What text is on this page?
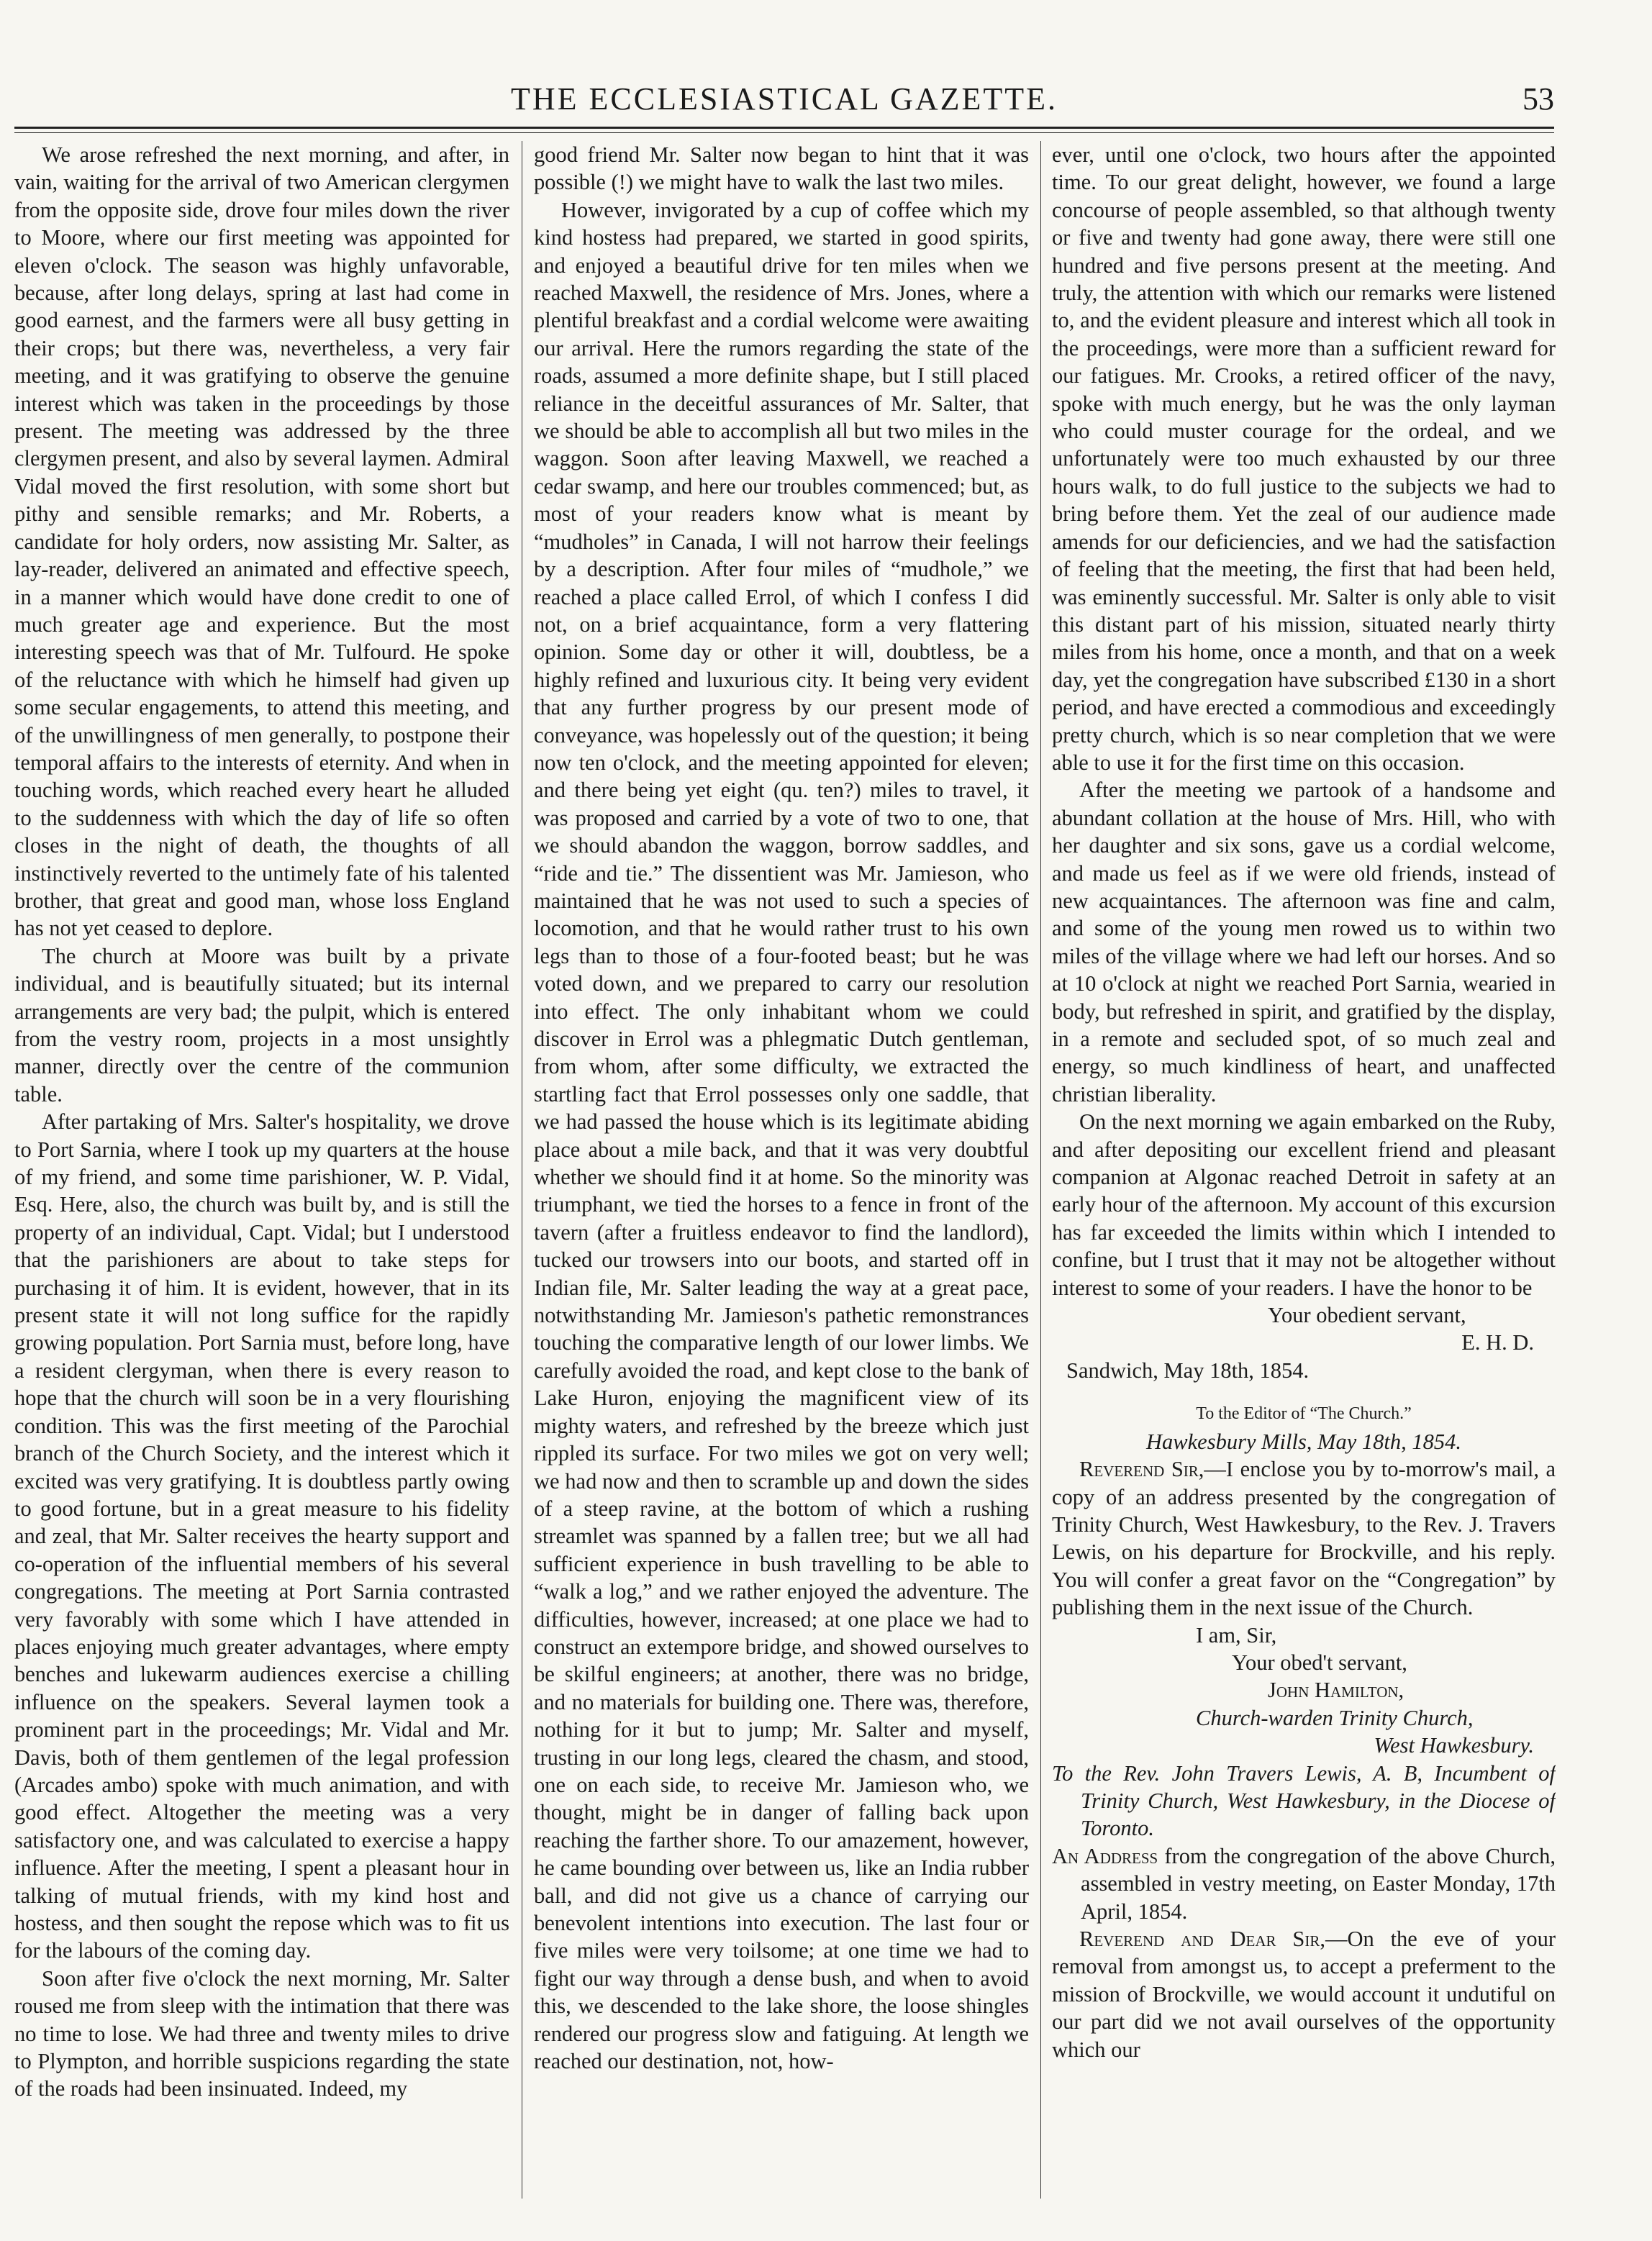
THE ECCLESIASTICAL GAZETTE.	53

We arose refreshed the next morning, and after, in vain, waiting for the arrival of two American clergymen from the opposite side, drove four miles down the river to Moore, where our first meeting was appointed for eleven o'clock. The season was highly unfavorable, because, after long delays, spring at last had come in good earnest, and the farmers were all busy getting in their crops; but there was, nevertheless, a very fair meeting, and it was gratifying to observe the genuine interest which was taken in the proceedings by those present. The meeting was addressed by the three clergymen present, and also by several laymen. Admiral Vidal moved the first resolution, with some short but pithy and sensible remarks; and Mr. Roberts, a candidate for holy orders, now assisting Mr. Salter, as lay-reader, delivered an animated and effective speech, in a manner which would have done credit to one of much greater age and experience. But the most interesting speech was that of Mr. Tulfourd. He spoke of the reluctance with which he himself had given up some secular engagements, to attend this meeting, and of the unwillingness of men generally, to postpone their temporal affairs to the interests of eternity. And when in touching words, which reached every heart he alluded to the suddenness with which the day of life so often closes in the night of death, the thoughts of all instinctively reverted to the untimely fate of his talented brother, that great and good man, whose loss England has not yet ceased to deplore.

The church at Moore was built by a private individual, and is beautifully situated; but its internal arrangements are very bad; the pulpit, which is entered from the vestry room, projects in a most unsightly manner, directly over the centre of the communion table.

After partaking of Mrs. Salter's hospitality, we drove to Port Sarnia, where I took up my quarters at the house of my friend, and some time parishioner, W. P. Vidal, Esq. Here, also, the church was built by, and is still the property of an individual, Capt. Vidal; but I understood that the parishioners are about to take steps for purchasing it of him. It is evident, however, that in its present state it will not long suffice for the rapidly growing population. Port Sarnia must, before long, have a resident clergyman, when there is every reason to hope that the church will soon be in a very flourishing condition. This was the first meeting of the Parochial branch of the Church Society, and the interest which it excited was very gratifying. It is doubtless partly owing to good fortune, but in a great measure to his fidelity and zeal, that Mr. Salter receives the hearty support and co-operation of the influential members of his several congregations. The meeting at Port Sarnia contrasted very favorably with some which I have attended in places enjoying much greater advantages, where empty benches and lukewarm audiences exercise a chilling influence on the speakers. Several laymen took a prominent part in the proceedings; Mr. Vidal and Mr. Davis, both of them gentlemen of the legal profession (Arcades ambo) spoke with much animation, and with good effect. Altogether the meeting was a very satisfactory one, and was calculated to exercise a happy influence. After the meeting, I spent a pleasant hour in talking of mutual friends, with my kind host and hostess, and then sought the repose which was to fit us for the labours of the coming day.

Soon after five o'clock the next morning, Mr. Salter roused me from sleep with the intimation that there was no time to lose. We had three and twenty miles to drive to Plympton, and horrible suspicions regarding the state of the roads had been insinuated. Indeed, my

good friend Mr. Salter now began to hint that it was possible (!) we might have to walk the last two miles.

However, invigorated by a cup of coffee which my kind hostess had prepared, we started in good spirits, and enjoyed a beautiful drive for ten miles when we reached Maxwell, the residence of Mrs. Jones, where a plentiful breakfast and a cordial welcome were awaiting our arrival. Here the rumors regarding the state of the roads, assumed a more definite shape, but I still placed reliance in the deceitful assurances of Mr. Salter, that we should be able to accomplish all but two miles in the waggon. Soon after leaving Maxwell, we reached a cedar swamp, and here our troubles commenced; but, as most of your readers know what is meant by “mudholes” in Canada, I will not harrow their feelings by a description. After four miles of “mudhole,” we reached a place called Errol, of which I confess I did not, on a brief acquaintance, form a very flattering opinion. Some day or other it will, doubtless, be a highly refined and luxurious city. It being very evident that any further progress by our present mode of conveyance, was hopelessly out of the question; it being now ten o'clock, and the meeting appointed for eleven; and there being yet eight (qu. ten?) miles to travel, it was proposed and carried by a vote of two to one, that we should abandon the waggon, borrow saddles, and “ride and tie.” The dissentient was Mr. Jamieson, who maintained that he was not used to such a species of locomotion, and that he would rather trust to his own legs than to those of a four-footed beast; but he was voted down, and we prepared to carry our resolution into effect. The only inhabitant whom we could discover in Errol was a phlegmatic Dutch gentleman, from whom, after some difficulty, we extracted the startling fact that Errol possesses only one saddle, that we had passed the house which is its legitimate abiding place about a mile back, and that it was very doubtful whether we should find it at home. So the minority was triumphant, we tied the horses to a fence in front of the tavern (after a fruitless endeavor to find the landlord), tucked our trowsers into our boots, and started off in Indian file, Mr. Salter leading the way at a great pace, notwithstanding Mr. Jamieson's pathetic remonstrances touching the comparative length of our lower limbs. We carefully avoided the road, and kept close to the bank of Lake Huron, enjoying the magnificent view of its mighty waters, and refreshed by the breeze which just rippled its surface. For two miles we got on very well; we had now and then to scramble up and down the sides of a steep ravine, at the bottom of which a rushing streamlet was spanned by a fallen tree; but we all had sufficient experience in bush travelling to be able to “walk a log,” and we rather enjoyed the adventure. The difficulties, however, increased; at one place we had to construct an extempore bridge, and showed ourselves to be skilful engineers; at another, there was no bridge, and no materials for building one. There was, therefore, nothing for it but to jump; Mr. Salter and myself, trusting in our long legs, cleared the chasm, and stood, one on each side, to receive Mr. Jamieson who, we thought, might be in danger of falling back upon reaching the farther shore. To our amazement, however, he came bounding over between us, like an India rubber ball, and did not give us a chance of carrying our benevolent intentions into execution. The last four or five miles were very toilsome; at one time we had to fight our way through a dense bush, and when to avoid this, we descended to the lake shore, the loose shingles rendered our progress slow and fatiguing. At length we reached our destination, not, how-

ever, until one o'clock, two hours after the appointed time. To our great delight, however, we found a large concourse of people assembled, so that although twenty or five and twenty had gone away, there were still one hundred and five persons present at the meeting. And truly, the attention with which our remarks were listened to, and the evident pleasure and interest which all took in the proceedings, were more than a sufficient reward for our fatigues. Mr. Crooks, a retired officer of the navy, spoke with much energy, but he was the only layman who could muster courage for the ordeal, and we unfortunately were too much exhausted by our three hours walk, to do full justice to the subjects we had to bring before them. Yet the zeal of our audience made amends for our deficiencies, and we had the satisfaction of feeling that the meeting, the first that had been held, was eminently successful. Mr. Salter is only able to visit this distant part of his mission, situated nearly thirty miles from his home, once a month, and that on a week day, yet the congregation have subscribed £130 in a short period, and have erected a commodious and exceedingly pretty church, which is so near completion that we were able to use it for the first time on this occasion.

After the meeting we partook of a handsome and abundant collation at the house of Mrs. Hill, who with her daughter and six sons, gave us a cordial welcome, and made us feel as if we were old friends, instead of new acquaintances. The afternoon was fine and calm, and some of the young men rowed us to within two miles of the village where we had left our horses. And so at 10 o'clock at night we reached Port Sarnia, wearied in body, but refreshed in spirit, and gratified by the display, in a remote and secluded spot, of so much zeal and energy, so much kindliness of heart, and unaffected christian liberality.

On the next morning we again embarked on the Ruby, and after depositing our excellent friend and pleasant companion at Algonac reached Detroit in safety at an early hour of the afternoon. My account of this excursion has far exceeded the limits within which I intended to confine, but I trust that it may not be altogether without interest to some of your readers. I have the honor to be

Your obedient servant,
E. H. D.
Sandwich, May 18th, 1854.
To the Editor of “The Church.”
Hawkesbury Mills, May 18th, 1854.

Reverend Sir,—I enclose you by to-morrow's mail, a copy of an address presented by the congregation of Trinity Church, West Hawkesbury, to the Rev. J. Travers Lewis, on his departure for Brockville, and his reply. You will confer a great favor on the “Congregation” by publishing them in the next issue of the Church.

I am, Sir,
Your obed't servant,
John Hamilton,
Church-warden Trinity Church,
West Hawkesbury.
To the Rev. John Travers Lewis, A. B, Incumbent of Trinity Church, West Hawkesbury, in the Diocese of Toronto.
An Address from the congregation of the above Church, assembled in vestry meeting, on Easter Monday, 17th April, 1854.

Reverend and Dear Sir,—On the eve of your removal from amongst us, to accept a preferment to the mission of Brockville, we would account it undutiful on our part did we not avail ourselves of the opportunity which our
